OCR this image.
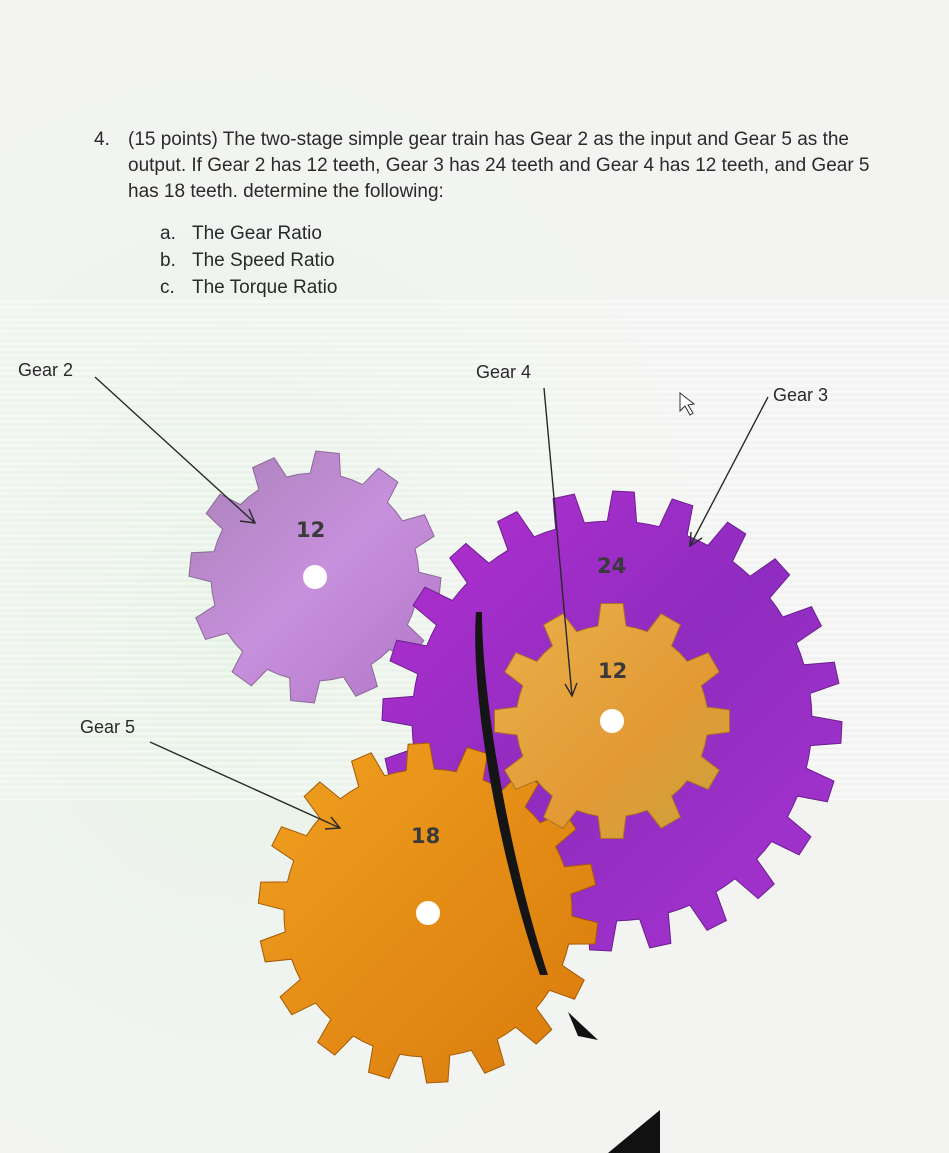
4. (15 points) The two-stage simple gear train has Gear 2 as the input and Gear 5 as the output. If Gear 2 has 12 teeth, Gear 3 has 24 teeth and Gear 4 has 12 teeth, and Gear 5 has 18 teeth. determine the following:
a. The Gear Ratio
b. The Speed Ratio
c. The Torque Ratio
12
24
12
18
Gear 2	Gear 4
Gear 3
Gear 5
